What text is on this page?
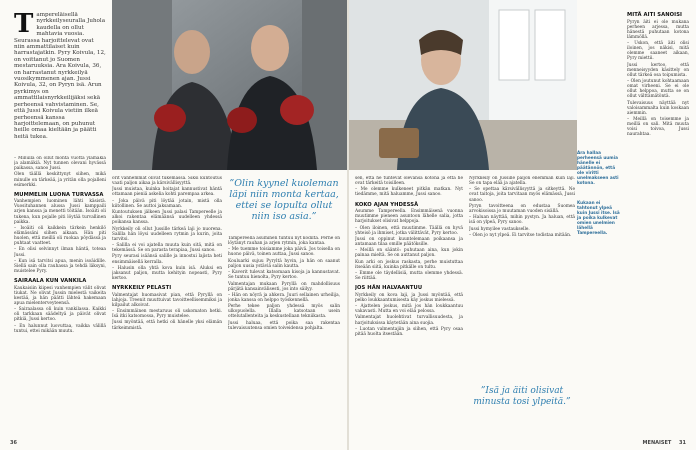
T ampereläisellä nyrkkeilyseuralla Juhola kaudella on ollut mahtavia vuosia. Seurassa harjoittelevat ovat niin ammattilaiset kuin harrastajatkin. Pyry Koivula, 12, on voittanut jo Suomen mestaruuksia. Ara Koivula, 36, on harrastanut nyrkkeilyä vuosikymmenen ajan. Jussi Koivula, 32, on Pyryn isä. Arun pyrkimys on ammattilaisnyrkkeilijäksi sekä perheensä vahvistaminen. Se, että Jussi Koivula vietiin ilkeä perheensä kanssa harjoittelemaan, on puhunut heille omaa kieltään ja päätti heitä tukea.

– Minulla on ollut monta vuotta ylämäkiä ja alamäkiä. Nyt tunnen olevani hyvässä paikassa, sanoo Jussi.

Olen täällä keskittynyt siihen, mikä minulle on tärkeää, ja yritän olla pojalleni esimerkki.

MUMMELIN LUONA TURVASSA

Vanhempien luominen lähti käsistä. Vuosituhannen alussa Jussi kamppaili arjen kanssa ja menetti töitään. Isoäiti oli tukena, kun pojalle piti löytää turvallinen paikka.

– Isoäiti oli kaikkein tärkein henkilö elämässäni siihen aikaan. Hän piti huolen, että meillä oli ruokaa pöydässä ja puhtaat vaatteet.

– En olisi selvinnyt ilman häntä, toteaa Jussi.

– Kun isä tarvitsi apua, menin isoäidille. Siellä sain olla rauhassa ja tehdä läksyni, muistelee Pyry.

SAIRAALA KUN VANKILA

Kaukaisiin kiipesi vanhempien välit olivat tiukat. Ne olivat Jussin mielestä vaikeita kestää, ja hän päätti lähteä hakemaan apua mielenterveyteensä.

– Sairaalassa oli kuin vankilassa. Kaikki oli tarkkaan säädeltyä ja päivät olivat pitkiä, Jussi kertoo.

– En halunnut luovuttaa, vaikka välillä tuntui, ettei mikään muutu.

orit vanhemmat olivat tukemassa. Siksi kuntoutus vaati paljon aikaa ja kärsivällisyyttä.

Jussi muistaa, kuinka hoitajat kannustivat häntä ottamaan pieniä askelia kohti parempaa arkea.

– Joka päivä piti löytää jotain, mistä olla kiitollinen. Se auttoi jaksamaan.

Kuntoutuksen jälkeen Jussi palasi Tampereelle ja alkoi rakentaa elämäänsä uudelleen yhdessä poikansa kanssa.

Nyrkkeily oli ollut Jussille tärkeä laji jo nuorena. Salilla hän löysi uudelleen rytmin ja kurin, joita tarvitsi.

– Salilla ei voi ajatella muuta kuin sitä, mitä on tekemässä. Se on parasta terapiaa, Jussi sanoo.

Pyry seurasi isäänsä salille ja innostui lajista heti ensimmäisellä kerralla.

– Halusin olla yhtä kova kuin isä. Aluksi en jaksanut paljon, mutta kehityin nopeasti, Pyry kertoo.

NYRKKEILY PELASTI

Valmentajat huomasivat pian, että Pyryllä on lahjoja. Treenit muuttuivat tavoitteellisemmiksi ja kilpailut alkoivat.

– Ensimmäinen mestaruus oli uskomaton hetki. Isä itki katsomossa, Pyry muistelee.

Jussi myöntää, että hetki oli hänelle yksi elämän tärkeimmistä.

”Olin kyynel kuoleman läpi niin monta kertaa, ettei se lopulta ollut niin iso asia.”

Tampereella asuminen tuntuu nyt kodilta. Perhe on löytänyt rauhan ja arjen rytmin, joka kantaa.

– Me tuemme toisiamme joka päivä. Jos toisella on huono päivä, toinen auttaa, Jussi sanoo.

Kouluarki sujuu Pyryltä hyvin, ja hän on saanut paljon uusia ystäviä salin kautta.

– Kaverit tulevat katsomaan kisoja ja kannustavat. Se tuntuu hienolta, Pyry kertoo.

Valmentajan mukaan Pyryllä on mahdollisuus pärjätä kansainvälisesti, jos into säilyy.

– Hän on nöyrä ja ahkera. Juuri sellainen urheilija, jonka kanssa on helppo työskennellä.

Perhe tekee paljon yhdessä myös salin ulkopuolella. Illalla katsotaan usein ottelutallenteita ja keskustellaan tekniikasta.

Jussi haluaa, että poika saa rakentaa tulevaisuutensa omien toiveidensa pohjalta.

36

sen, että he tuntevat olevansa kotona ja että he ovat tärkeitä toisilleen.

– Me olemme kulkeneet pitkän matkan. Nyt tiedämme, mitä haluamme, Jussi sanoo.

KOKO AJAN YHDESSÄ

Asumme Tampereella. Ensimmäisenä vuonna muutimme pieneen asuntoon lähelle salia, jotta harjoitukset olisivat helppoja.

– Olen iloinen, että muutimme. Täällä on hyvä yhteisö ja ihmiset, jotka välittävät, Pyry kertoo.

Jussi on oppinut kuuntelemaan poikaansa ja antamaan tilaa omille päätöksille.

– Meillä on sääntö: puhutaan aina, kun jokin painaa mieltä. Se on auttanut paljon.

Kun arki on joskus raskasta, perhe muistuttaa itseään siitä, kuinka pitkälle on tultu.

– Emme ole täydellisiä, mutta olemme yhdessä. Se riittää.

JOS HÄN HALVAANTUU

Nyrkkeily on kova laji, ja Jussi myöntää, että pelko loukkaantumisesta käy joskus mielessä.

– Ajattelen joskus, mitä jos hän loukkaantuu vakavasti. Mutta en voi elää pelossa.

Valmentajat huolehtivat turvallisuudesta, ja harjoituksissa käytetään aina suojia.

– Luotan valmentajiin ja siihen, että Pyry osaa pitää huolta itsestään.

Nyrkkeily on Jussille paljon enemmän kuin laji. Se on tapa elää ja ajatella.

– Se opettaa kärsivällisyyttä ja sitkeyttä. Ne ovat taitoja, joita tarvitaan myös elämässä, Jussi sanoo.

Pyryn tavoitteena on edustaa Suomea arvokisoissa jo muutaman vuoden sisällä.

– Haluan näyttää, mihin pystyn. Ja haluan, että isä on ylpeä, Pyry sanoo.

Jussi hymyilee vastaukselle.

– Olen jo nyt ylpeä. Ei tarvitse todistaa mitään.

Ara hallaa perheensä uumia hänelle ei päätännön, että ole viritti unelmakseen asti kotona.
Kukaan ei tahtonut ylpeä kuin Jussi itse. Isä ja poika kulkevat omien unelmien lähellä Tampereella.
”Isä ja äiti olisivat minusta tosi ylpeitä.”
MITÄ AITI SANOISI

Pyryn äiti ei ole mukana perheen arjessa, mutta hänestä puhutaan kotona lämmöllä.

– Uskon, että äiti olisi iloinen, jos näkisi, mitä olemme saaneet aikaan, Pyry miettii.

Jussi kertoo, että menneisyyden käsittely on ollut tärkeä osa toipumista.

– Olen joutunut kohtaamaan omat virheeni. Se ei ole ollut helppoa, mutta se on ollut välttämätöntä.

Tulevaisuus näyttää nyt valoisammalta kuin koskaan aiemmin.

– Meillä on toisemme ja meillä on sali. Mitä muuta voisi toivoa, Jussi naurahtaa.

MENAISET 31
